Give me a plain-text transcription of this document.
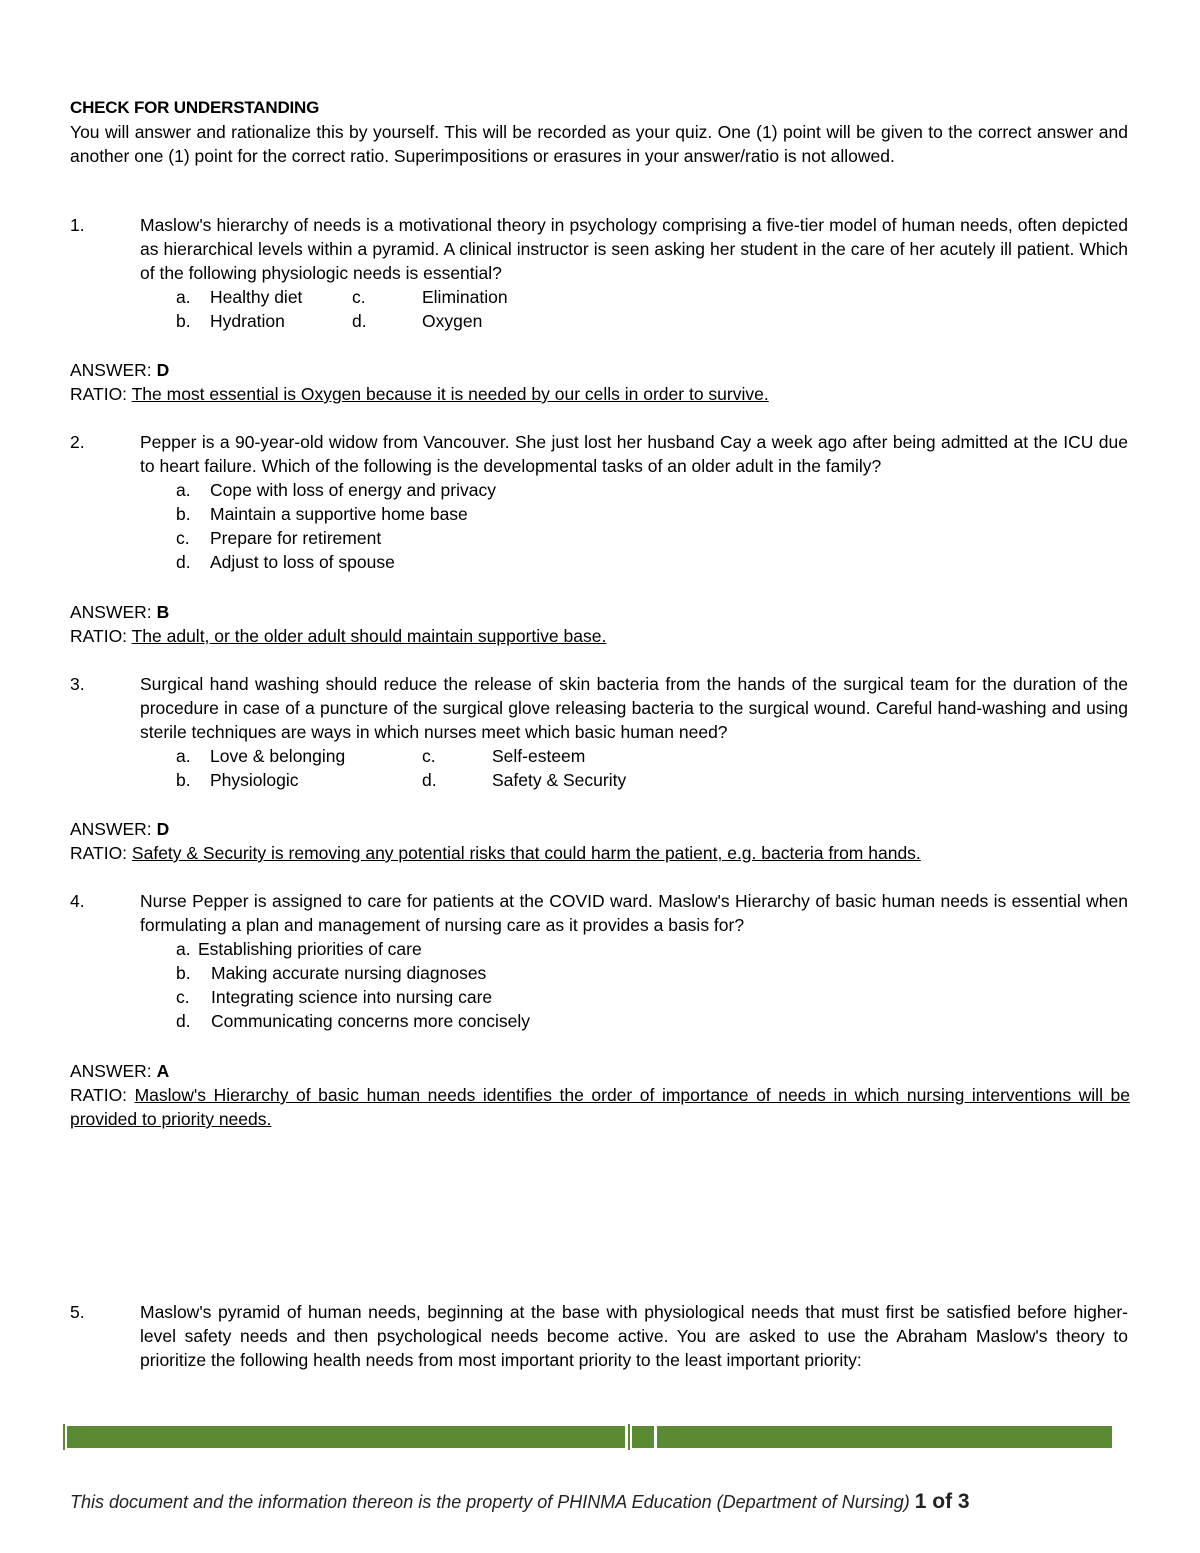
CHECK FOR UNDERSTANDING
You will answer and rationalize this by yourself. This will be recorded as your quiz. One (1) point will be given to the correct answer and another one (1) point for the correct ratio. Superimpositions or erasures in your answer/ratio is not allowed.
1.	Maslow's hierarchy of needs is a motivational theory in psychology comprising a five-tier model of human needs, often depicted as hierarchical levels within a pyramid. A clinical instructor is seen asking her student in the care of her acutely ill patient. Which of the following physiologic needs is essential?
a. Healthy diet	c.	Elimination
b. Hydration	d.	Oxygen
ANSWER: D
RATIO: The most essential is Oxygen because it is needed by our cells in order to survive.
2.	Pepper is a 90-year-old widow from Vancouver. She just lost her husband Cay a week ago after being admitted at the ICU due to heart failure. Which of the following is the developmental tasks of an older adult in the family?
a. Cope with loss of energy and privacy
b. Maintain a supportive home base
c. Prepare for retirement
d. Adjust to loss of spouse
ANSWER: B
RATIO: The adult, or the older adult should maintain supportive base.
3.	Surgical hand washing should reduce the release of skin bacteria from the hands of the surgical team for the duration of the procedure in case of a puncture of the surgical glove releasing bacteria to the surgical wound. Careful hand-washing and using sterile techniques are ways in which nurses meet which basic human need?
a. Love & belonging	c.	Self-esteem
b. Physiologic	d.	Safety & Security
ANSWER: D
RATIO: Safety & Security is removing any potential risks that could harm the patient, e.g. bacteria from hands.
4.	Nurse Pepper is assigned to care for patients at the COVID ward. Maslow's Hierarchy of basic human needs is essential when formulating a plan and management of nursing care as it provides a basis for?
a. Establishing priorities of care
b. Making accurate nursing diagnoses
c. Integrating science into nursing care
d. Communicating concerns more concisely
ANSWER: A
RATIO: Maslow's Hierarchy of basic human needs identifies the order of importance of needs in which nursing interventions will be provided to priority needs.
5.	Maslow's pyramid of human needs, beginning at the base with physiological needs that must first be satisfied before higher-level safety needs and then psychological needs become active. You are asked to use the Abraham Maslow's theory to prioritize the following health needs from most important priority to the least important priority:
This document and the information thereon is the property of PHINMA Education (Department of Nursing) 1 of 3
